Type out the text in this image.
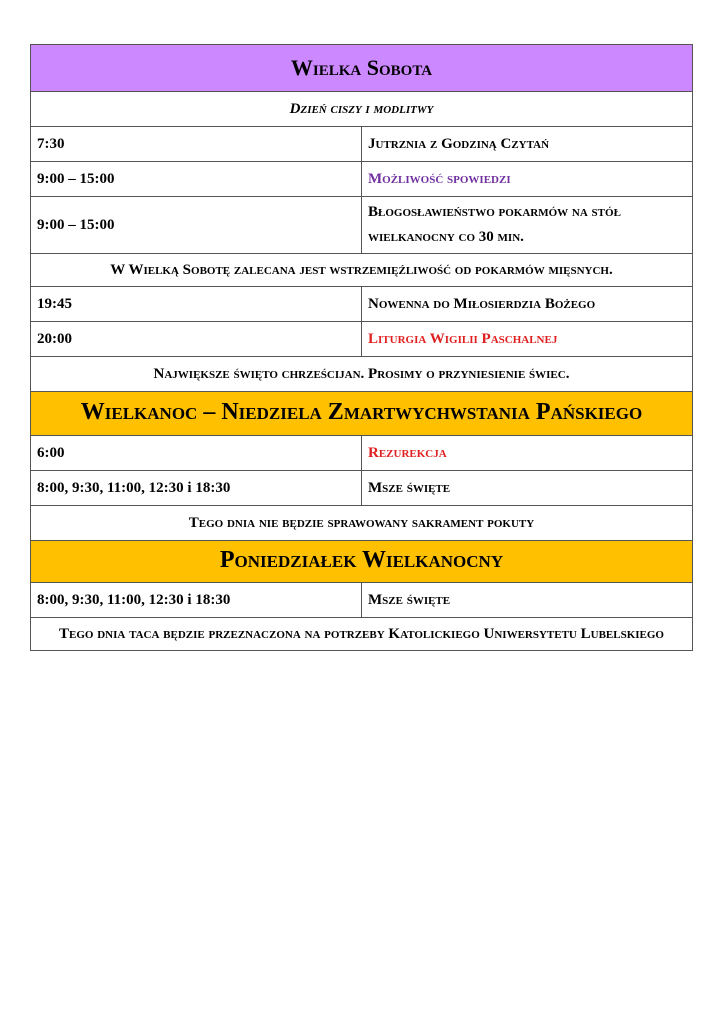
Wielka Sobota	
Dzień ciszy i modlitwy	
7:30	Jutrznia z Godziną Czytań
9:00 – 15:00	Możliwość spowiedzi
9:00 – 15:00	Błogosławieństwo pokarmów na stół wielkanocny co 30 min.
W Wielką Sobotę zalecana jest wstrzemięźliwość od pokarmów mięsnych.	
19:45	Nowenna do Miłosierdzia Bożego
20:00	Liturgia Wigilii Paschalnej
Największe święto chrześcijan. Prosimy o przyniesienie świec.	
Wielkanoc – Niedziela Zmartwychwstania Pańskiego	
6:00	Rezurekcja
8:00, 9:30, 11:00, 12:30 i 18:30	Msze święte
Tego dnia nie będzie sprawowany sakrament pokuty	
Poniedziałek Wielkanocny	
8:00, 9:30, 11:00, 12:30 i 18:30	Msze święte
Tego dnia taca będzie przeznaczona na potrzeby Katolickiego Uniwersytetu Lubelskiego	
